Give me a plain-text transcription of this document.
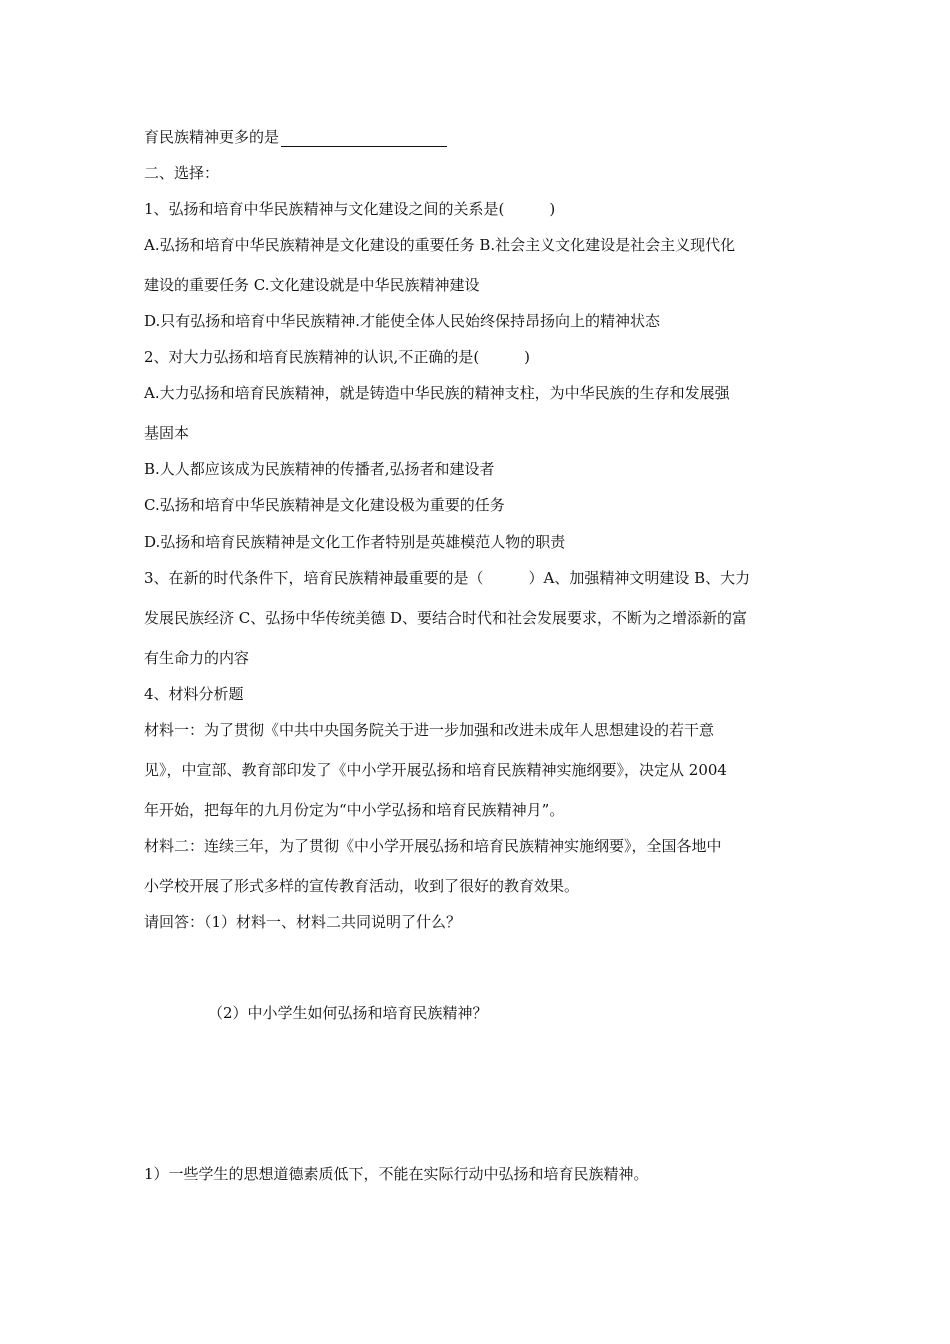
育民族精神更多的是
二、选择：
1、弘扬和培育中华民族精神与文化建设之间的关系是(　　　)
A.弘扬和培育中华民族精神是文化建设的重要任务 B.社会主义文化建设是社会主义现代化
建设的重要任务 C.文化建设就是中华民族精神建设
D.只有弘扬和培育中华民族精神.才能使全体人民始终保持昂扬向上的精神状态
2、对大力弘扬和培育民族精神的认识,不正确的是(　　　)
A.大力弘扬和培育民族精神，就是铸造中华民族的精神支柱，为中华民族的生存和发展强
基固本
B.人人都应该成为民族精神的传播者,弘扬者和建设者
C.弘扬和培育中华民族精神是文化建设极为重要的任务
D.弘扬和培育民族精神是文化工作者特别是英雄模范人物的职责
3、在新的时代条件下，培育民族精神最重要的是（　　　）A、加强精神文明建设 B、大力
发展民族经济 C、弘扬中华传统美德 D、要结合时代和社会发展要求，不断为之增添新的富
有生命力的内容
4、材料分析题
材料一：为了贯彻《中共中央国务院关于进一步加强和改进未成年人思想建设的若干意
见》，中宣部、教育部印发了《中小学开展弘扬和培育民族精神实施纲要》，决定从 2004
年开始，把每年的九月份定为“中小学弘扬和培育民族精神月”。
材料二：连续三年，为了贯彻《中小学开展弘扬和培育民族精神实施纲要》，全国各地中
小学校开展了形式多样的宣传教育活动，收到了很好的教育效果。
请回答：（1）材料一、材料二共同说明了什么？
（2）中小学生如何弘扬和培育民族精神？
1）一些学生的思想道德素质低下，不能在实际行动中弘扬和培育民族精神。
